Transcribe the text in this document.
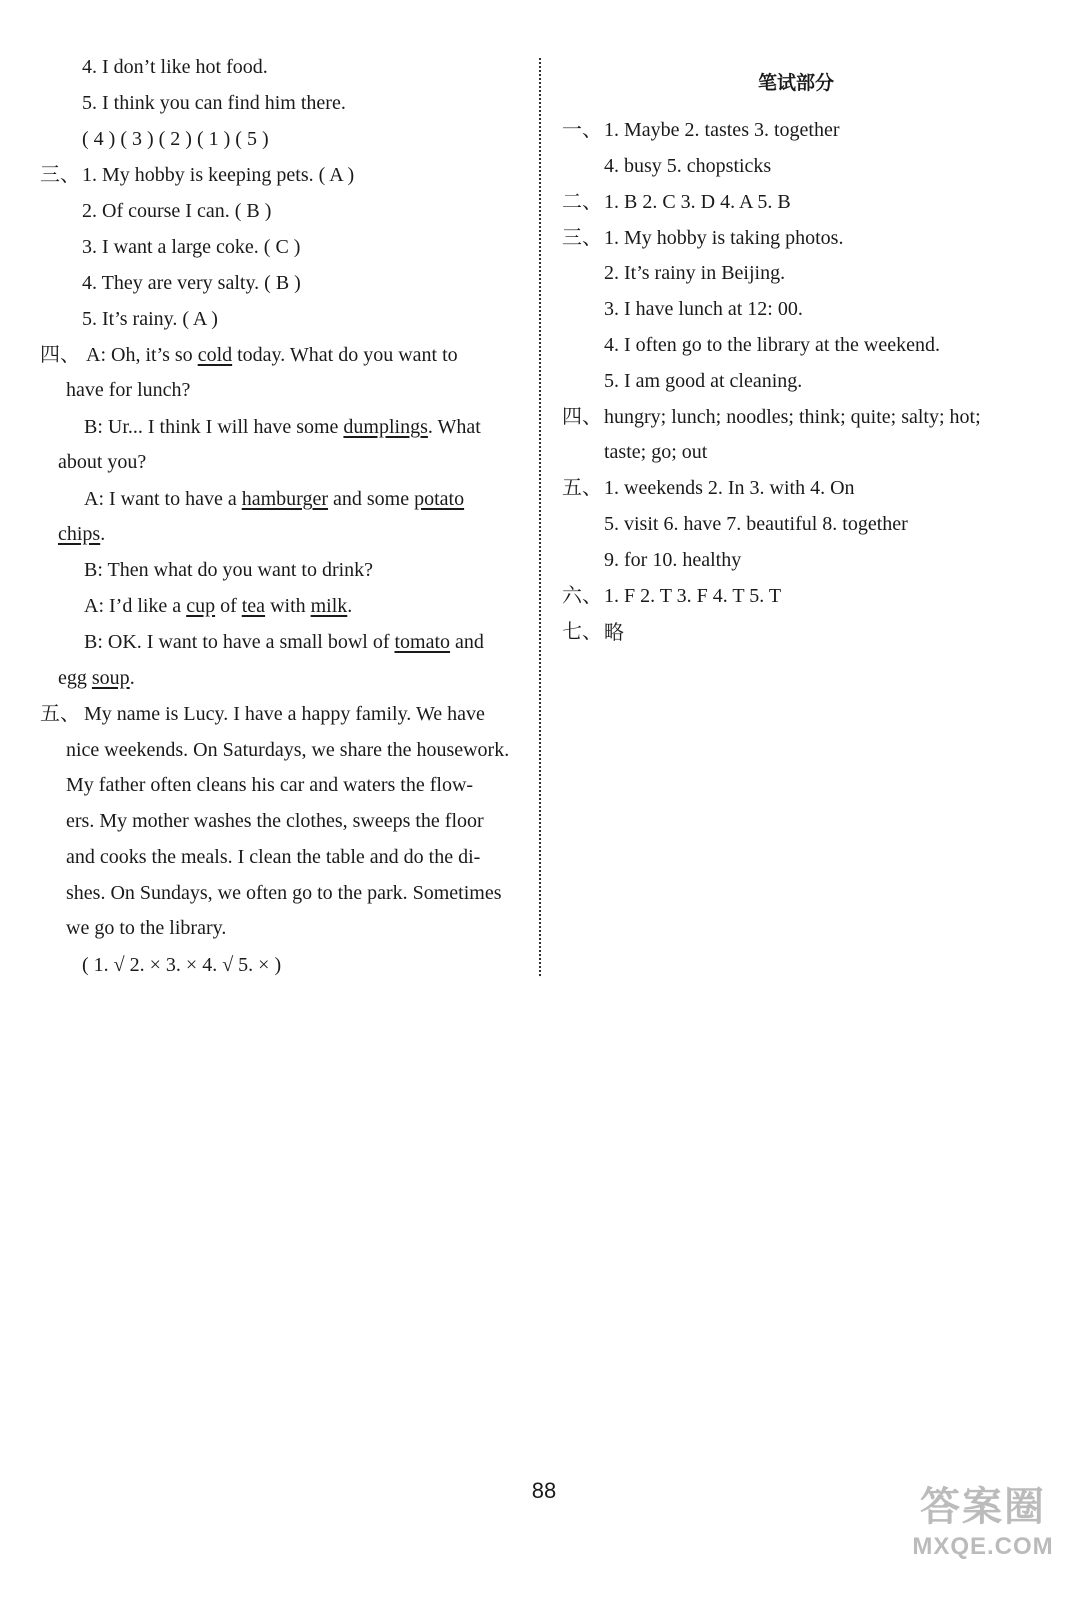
4. I don’t like hot food.
5. I think you can find him there.
( 4 ) ( 3 ) ( 2 ) ( 1 ) ( 5 )
三、 1. My hobby is keeping pets. ( A )
2. Of course I can. ( B )
3. I want a large coke. ( C )
4. They are very salty. ( B )
5. It’s rainy. ( A )
四、 A: Oh, it’s so cold today. What do you want to
have for lunch?
B: Ur... I think I will have some dumplings. What
about you?
A: I want to have a hamburger and some potato
chips.
B: Then what do you want to drink?
A: I’d like a cup of tea with milk.
B: OK. I want to have a small bowl of tomato and
egg soup.
五、 My name is Lucy. I have a happy family. We have
nice weekends. On Saturdays, we share the housework.
My father often cleans his car and waters the flow-
ers. My mother washes the clothes, sweeps the floor
and cooks the meals. I clean the table and do the di-
shes. On Sundays, we often go to the park. Sometimes
we go to the library.
( 1. √ 2. × 3. × 4. √ 5. × )
笔试部分
一、 1. Maybe 2. tastes 3. together
4. busy 5. chopsticks
二、 1. B 2. C 3. D 4. A 5. B
三、 1. My hobby is taking photos.
2. It’s rainy in Beijing.
3. I have lunch at 12: 00.
4. I often go to the library at the weekend.
5. I am good at cleaning.
四、 hungry; lunch; noodles; think; quite; salty; hot;
taste; go; out
五、 1. weekends 2. In 3. with 4. On
5. visit 6. have 7. beautiful 8. together
9. for 10. healthy
六、 1. F 2. T 3. F 4. T 5. T
七、 略
88	答案圈
MXQE.COM
